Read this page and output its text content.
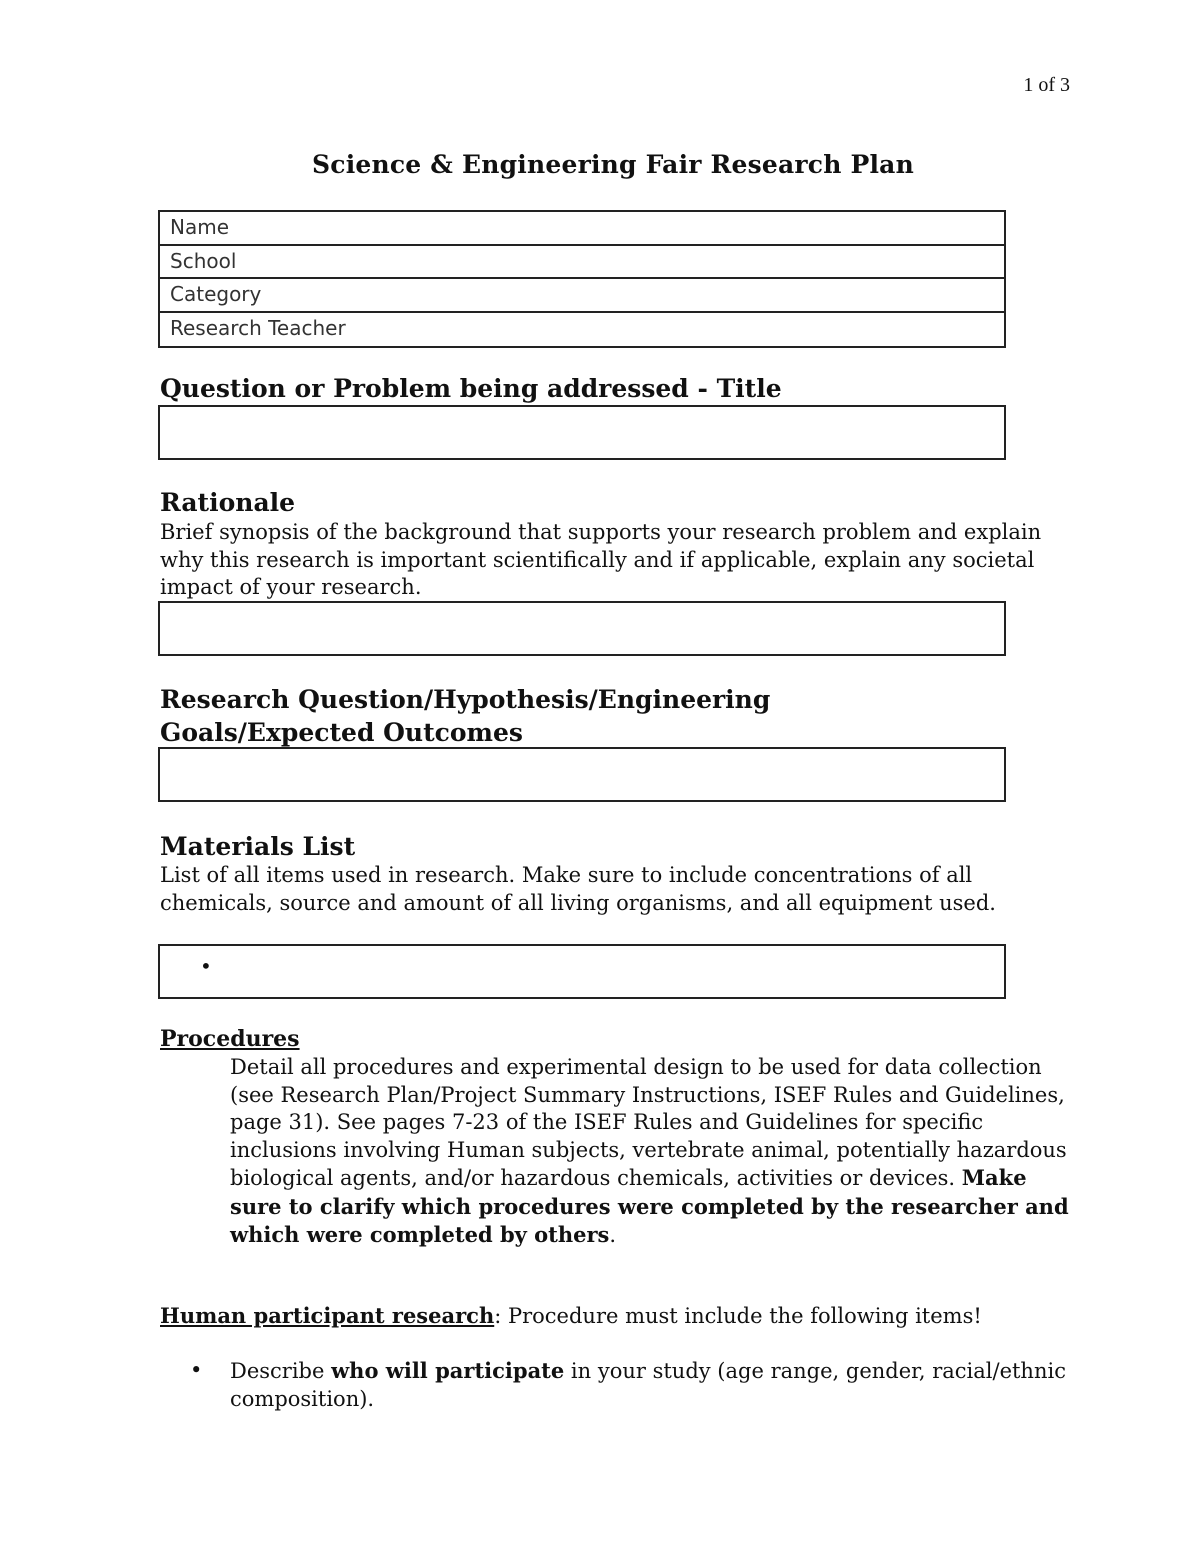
1 of 3
Science & Engineering Fair Research Plan
Name
School
Category
Research Teacher
Question or Problem being addressed - Title
Rationale
Brief synopsis of the background that supports your research problem and explain why this research is important scientifically and if applicable, explain any societal impact of your research.
Research Question/Hypothesis/Engineering
Goals/Expected Outcomes
Materials List
List of all items used in research. Make sure to include concentrations of all chemicals, source and amount of all living organisms, and all equipment used.
•
Procedures
Detail all procedures and experimental design to be used for data collection (see Research Plan/Project Summary Instructions, ISEF Rules and Guidelines, page 31). See pages 7-23 of the ISEF Rules and Guidelines for specific inclusions involving Human subjects, vertebrate animal, potentially hazardous biological agents, and/or hazardous chemicals, activities or devices. Make sure to clarify which procedures were completed by the researcher and which were completed by others.
Human participant research: Procedure must include the following items!
•	Describe who will participate in your study (age range, gender, racial/ethnic composition).
